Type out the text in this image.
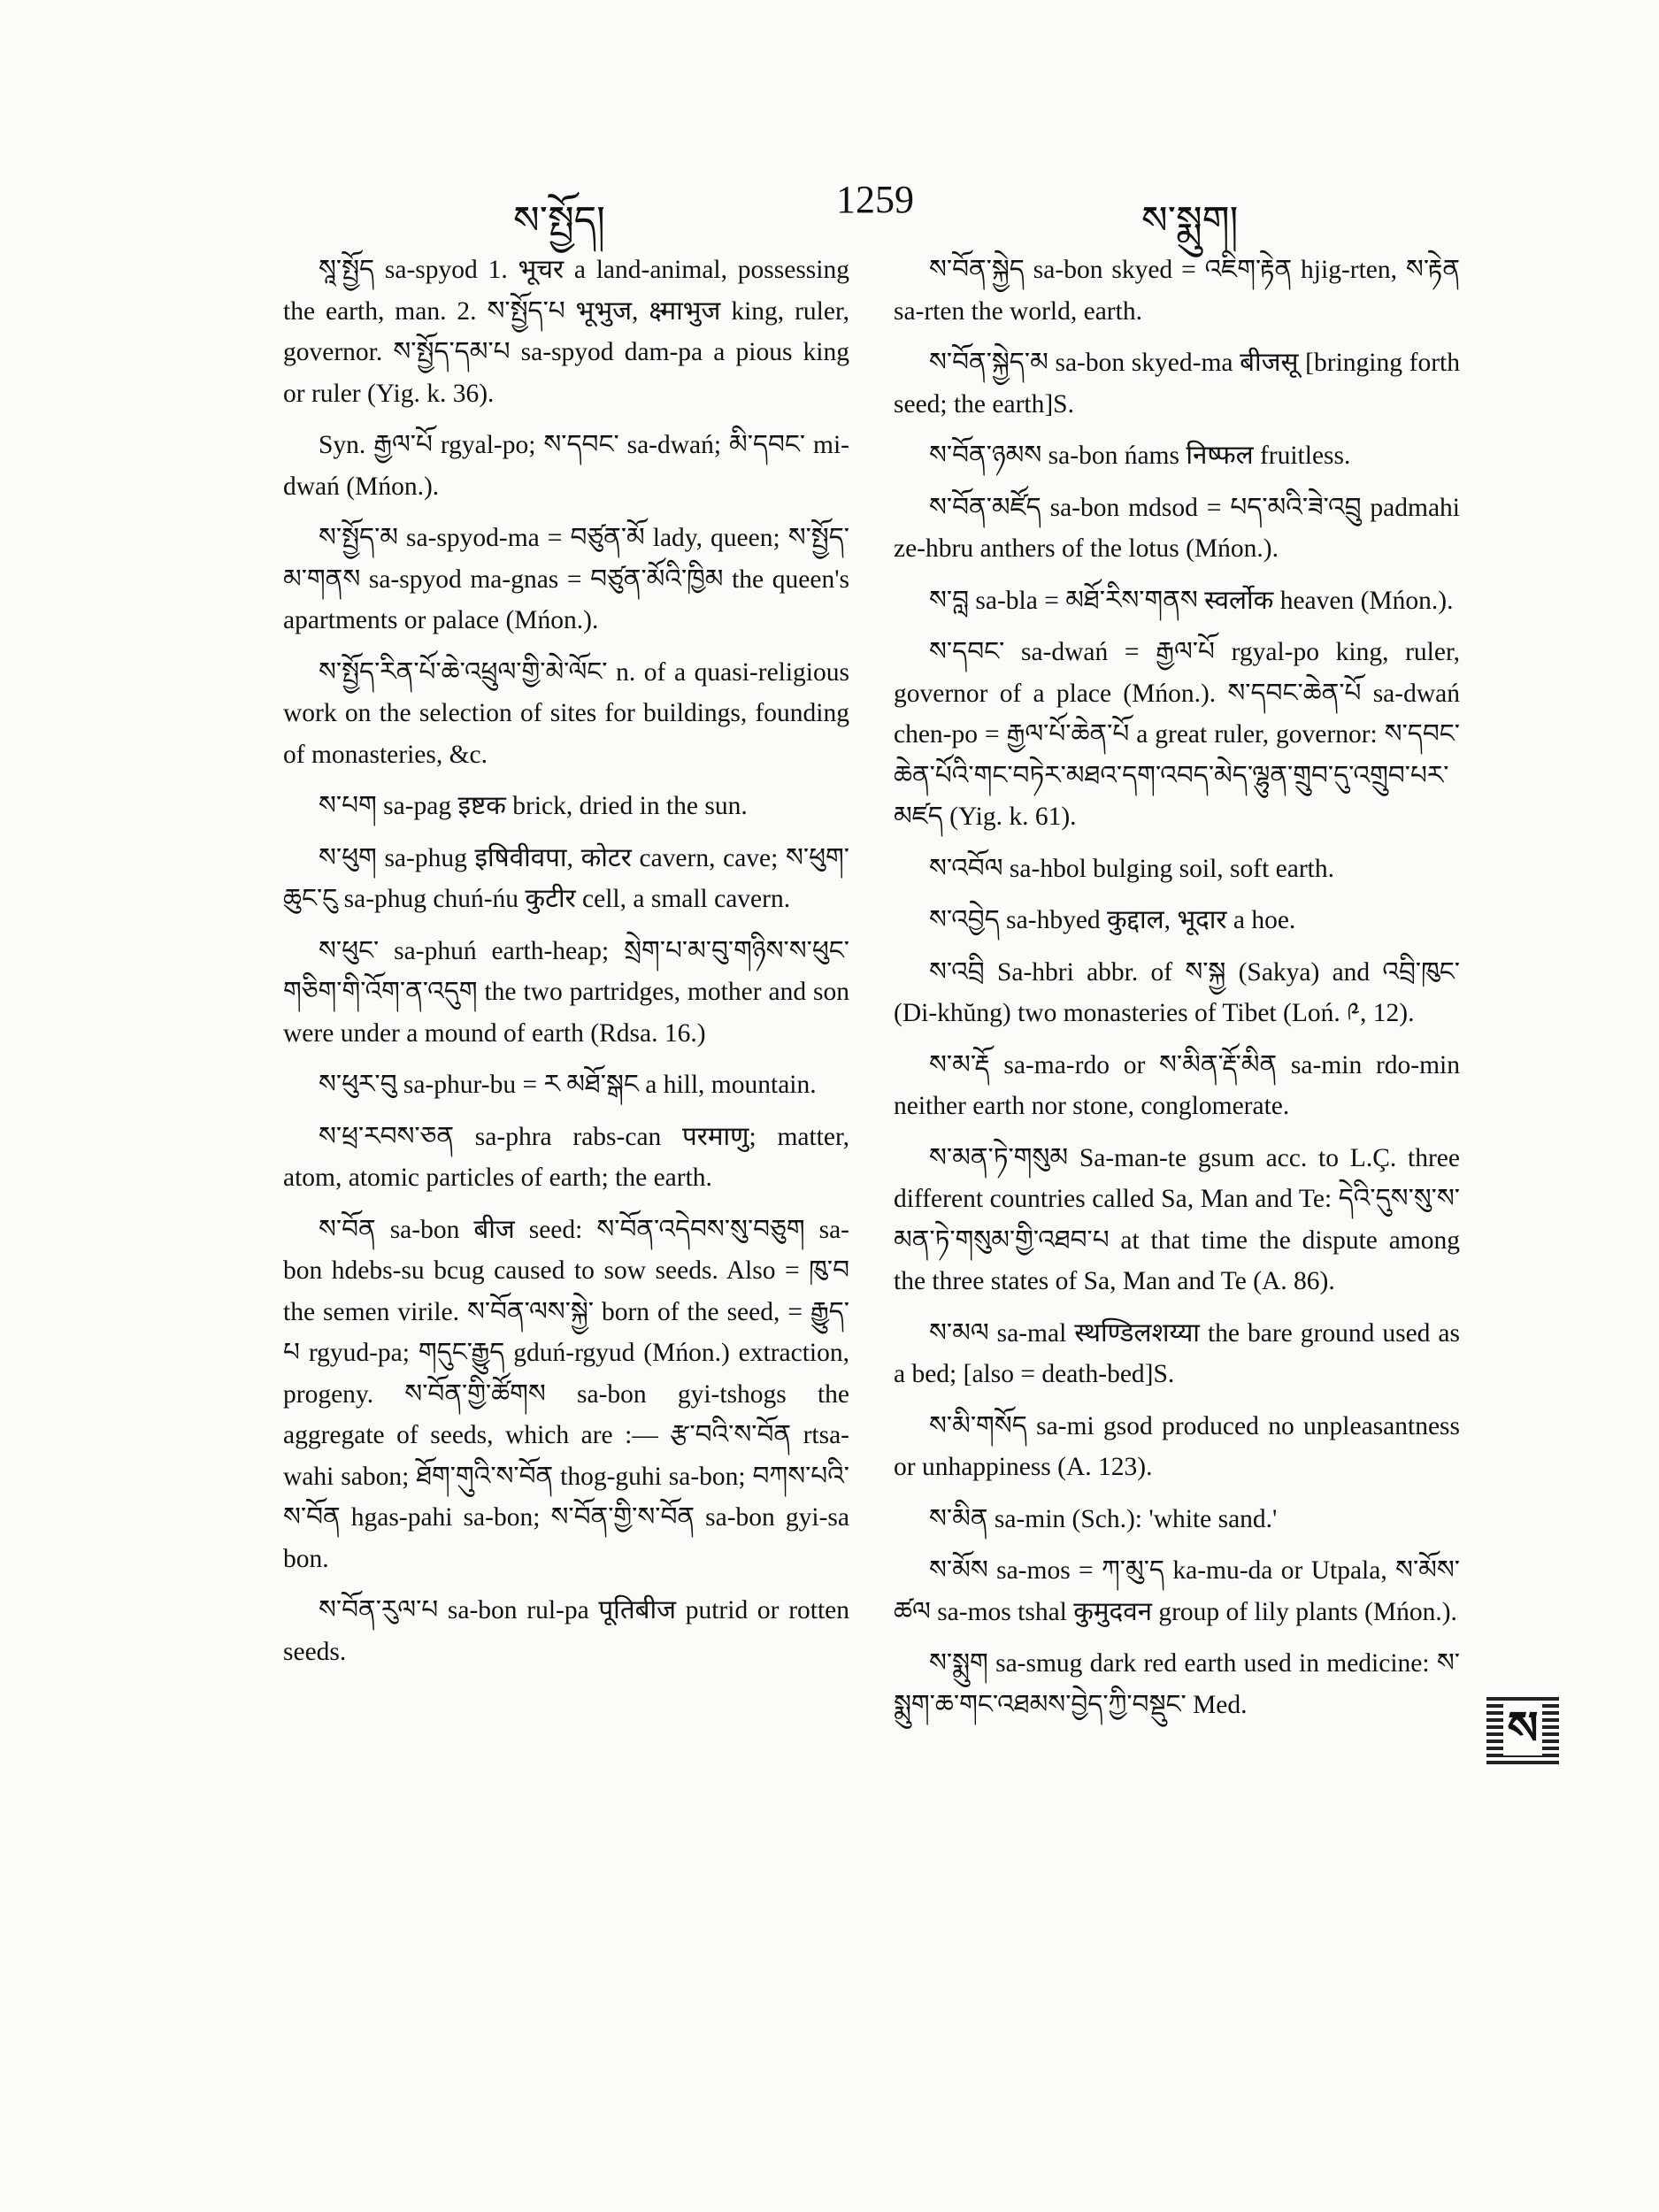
ས་སྤྱོད།	1259	ས་སྨུག།

སཱ་སྤྱོད sa-spyod 1. भूचर a land-animal, possessing the earth, man. 2. ས་སྤྱོད་པ भूभुज, क्ष्माभुज king, ruler, governor. ས་སྤྱོད་དམ་པ sa-spyod dam-pa a pious king or ruler (Yig. k. 36).

Syn. རྒྱལ་པོ rgyal-po; ས་དབང་ sa-dwań; མི་དབང་ mi-dwań (Mńon.).

ས་སྤྱོད་མ sa-spyod-ma = བཙུན་མོ lady, queen; ས་སྤྱོད་མ་གནས sa-spyod ma-gnas = བཙུན་མོའི་ཁྱིམ the queen's apartments or palace (Mńon.).

ས་སྤྱོད་རིན་པོ་ཆེ་འཕྲུལ་གྱི་མེ་ལོང་ n. of a quasi-religious work on the selection of sites for buildings, founding of monasteries, &c.

ས་པག sa-pag इष्टक brick, dried in the sun.

ས་ཕུག sa-phug इषिवीवपा, कोटर cavern, cave; ས་ཕུག་ཆུང་ངུ sa-phug chuń-ńu कुटीर cell, a small cavern.

ས་ཕུང་ sa-phuń earth-heap; སྲེག་པ་མ་བུ་གཉིས་ས་ཕུང་གཅིག་གི་འོག་ན་འདུག the two partridges, mother and son were under a mound of earth (Rdsa. 16.)

ས་ཕུར་བུ sa-phur-bu = ར མཐོ་སྒང a hill, mountain.

ས་ཕྲ་རབས་ཅན sa-phra rabs-can परमाणु; matter, atom, atomic particles of earth; the earth.

ས་བོན sa-bon बीज seed: ས་བོན་འདེབས་སུ་བཅུག sa-bon hdebs-su bcug caused to sow seeds. Also = ཁུ་བ the semen virile. ས་བོན་ལས་སྐྱེ་ born of the seed, = རྒྱུད་པ rgyud-pa; གདུང་རྒྱུད gduń-rgyud (Mńon.) extraction, progeny. ས་བོན་གྱི་ཚོགས sa-bon gyi-tshogs the aggregate of seeds, which are :— རྩ་བའི་ས་བོན rtsa-wahi sabon; ཐོག་གུའི་ས་བོན thog-guhi sa-bon; བཀས་པའི་ས་བོན hgas-pahi sa-bon; ས་བོན་གྱི་ས་བོན sa-bon gyi-sa bon.

ས་བོན་རུལ་པ sa-bon rul-pa पूतिबीज putrid or rotten seeds.

ས་བོན་སྐྱེད sa-bon skyed = འཇིག་རྟེན hjig-rten, ས་རྟེན sa-rten the world, earth.

ས་བོན་སྐྱེད་མ sa-bon skyed-ma बीजसू [bringing forth seed; the earth]S.

ས་བོན་ཉམས sa-bon ńams निष्फल fruitless.

ས་བོན་མཛོད sa-bon mdsod = པད་མའི་ཟེ་འབྲུ padmahi ze-hbru anthers of the lotus (Mńon.).

ས་བླ sa-bla = མཐོ་རིས་གནས स्वर्लोक heaven (Mńon.).

ས་དབང་ sa-dwań = རྒྱལ་པོ rgyal-po king, ruler, governor of a place (Mńon.). ས་དབང་ཆེན་པོ sa-dwań chen-po = རྒྱལ་པོ་ཆེན་པོ a great ruler, governor: ས་དབང་ཆེན་པོའི་གང་བཏེར་མཐའ་དག་འབད་མེད་ལྷུན་གྲུབ་དུ་འགྲུབ་པར་མཛད (Yig. k. 61).

ས་འབོལ sa-hbol bulging soil, soft earth.

ས་འབྱེད sa-hbyed कुद्दाल, भूदार a hoe.

ས་འབྲི Sa-hbri abbr. of ས་སྐྱ (Sakya) and འབྲི་ཁུང་ (Di-khŭng) two monasteries of Tibet (Loń. ༩, 12).

ས་མ་རྡོ sa-ma-rdo or ས་མིན་རྡོ་མིན sa-min rdo-min neither earth nor stone, conglomerate.

ས་མན་ཏེ་གསུམ Sa-man-te gsum acc. to L.Ç. three different countries called Sa, Man and Te: དེའི་དུས་སུ་ས་མན་ཏེ་གསུམ་གྱི་འཐབ་པ at that time the dispute among the three states of Sa, Man and Te (A. 86).

ས་མལ sa-mal स्थण्डिलशय्या the bare ground used as a bed; [also = death-bed]S.

ས་མི་གསོད sa-mi gsod produced no unpleasantness or unhappiness (A. 123).

ས་མིན sa-min (Sch.): 'white sand.'

ས་མོས sa-mos = ཀ་མུ་ད ka-mu-da or Utpala, ས་མོས་ཚལ sa-mos tshal कुमुदवन group of lily plants (Mńon.).

ས་སྨུག sa-smug dark red earth used in medicine: ས་སྨུག་ཆ་གང་འཐམས་བྱེད་ཀྱི་བསྡུང་ Med.	ས
